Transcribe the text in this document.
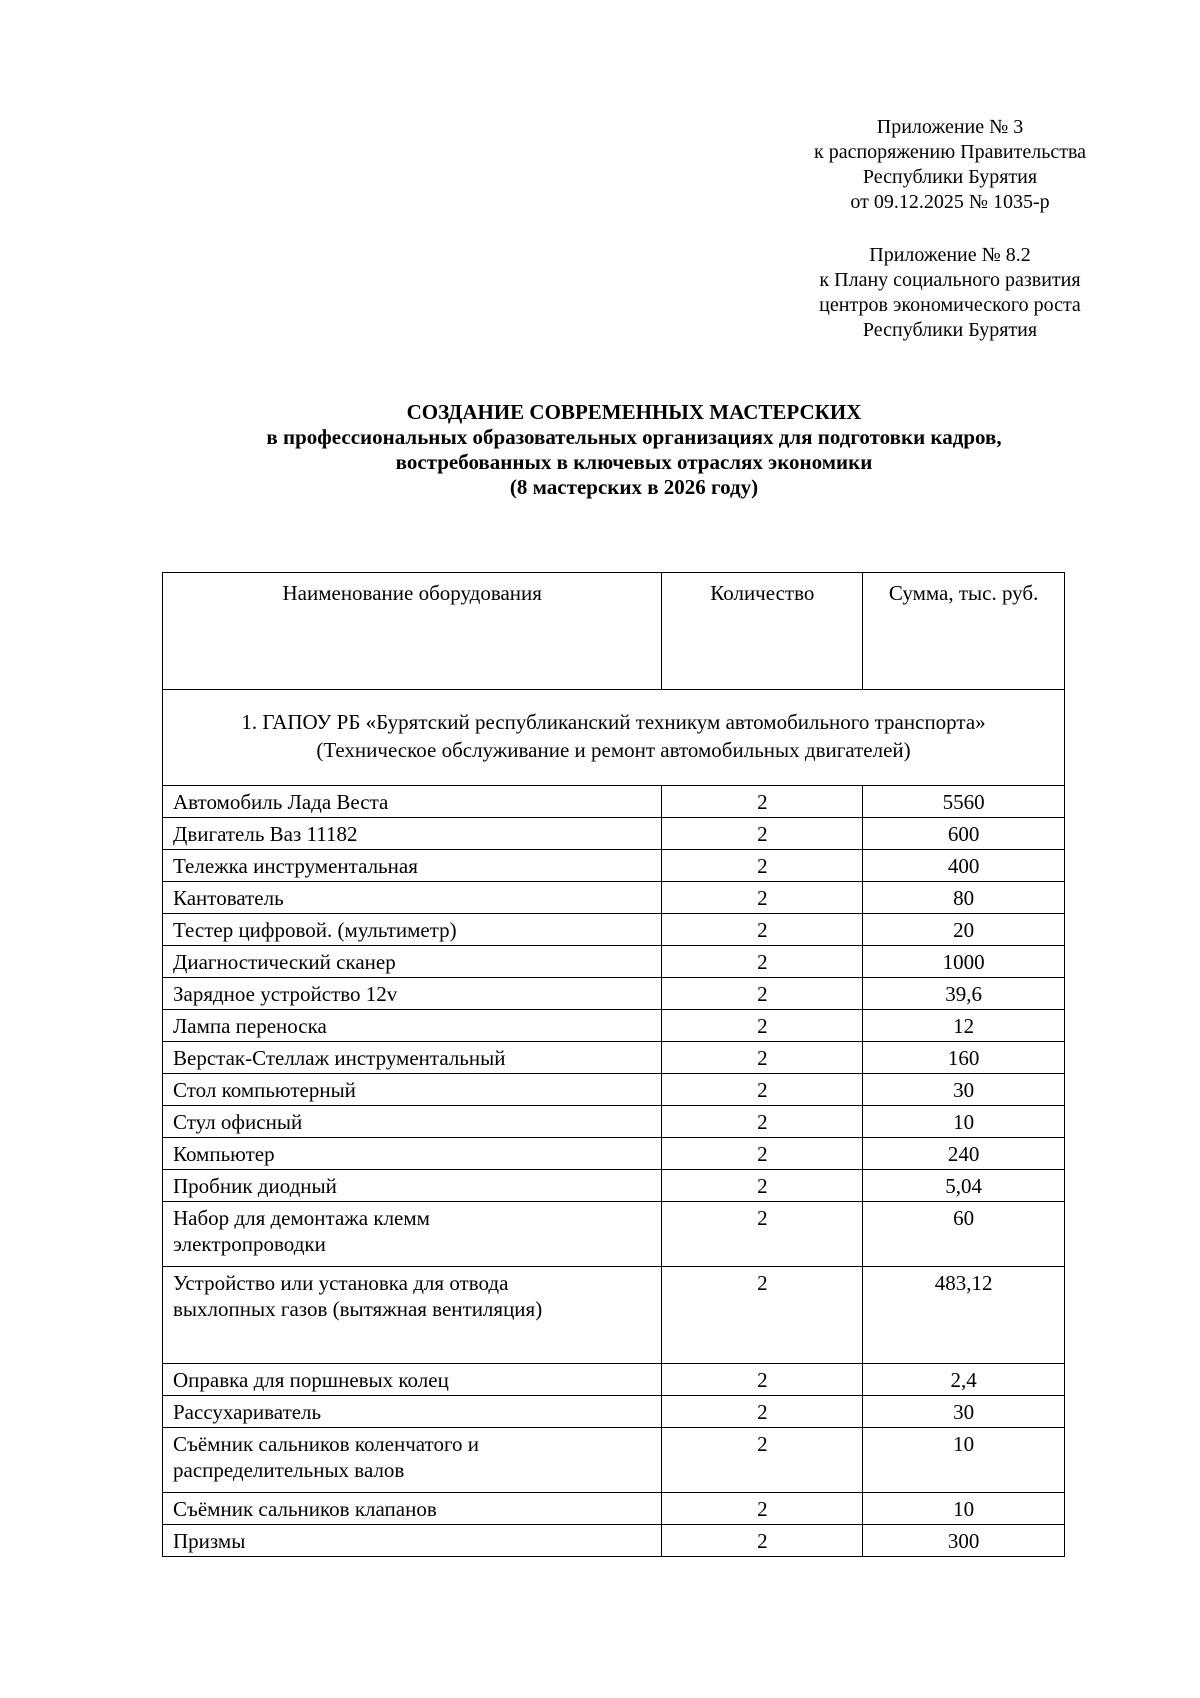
Приложение № 3
к распоряжению Правительства
Республики Бурятия
от 09.12.2025 № 1035-р
Приложение № 8.2
к Плану социального развития
центров экономического роста
Республики Бурятия
СОЗДАНИЕ СОВРЕМЕННЫХ МАСТЕРСКИХ
в профессиональных образовательных организациях для подготовки кадров,
востребованных в ключевых отраслях экономики
(8 мастерских в 2026 году)
Наименование оборудования	Количество	Сумма, тыс. руб.

1. ГАПОУ РБ «Бурятский республиканский техникум автомобильного транспорта»
(Техническое обслуживание и ремонт автомобильных двигателей)		

Автомобиль Лада Веста	2	5560
Двигатель Ваз 11182	2	600
Тележка инструментальная	2	400
Кантователь	2	80
Тестер цифровой. (мультиметр)	2	20
Диагностический сканер	2	1000
Зарядное устройство 12v	2	39,6
Лампа переноска	2	12
Верстак-Стеллаж инструментальный	2	160
Стол компьютерный	2	30
Стул офисный	2	10
Компьютер	2	240
Пробник диодный	2	5,04
Набор для демонтажа клемм
электропроводки	2	60
Устройство или установка для отвода
выхлопных газов (вытяжная вентиляция)	2	483,12
Оправка для поршневых колец	2	2,4
Рассухариватель	2	30
Съёмник сальников коленчатого и
распределительных валов	2	10
Съёмник сальников клапанов	2	10
Призмы	2	300
